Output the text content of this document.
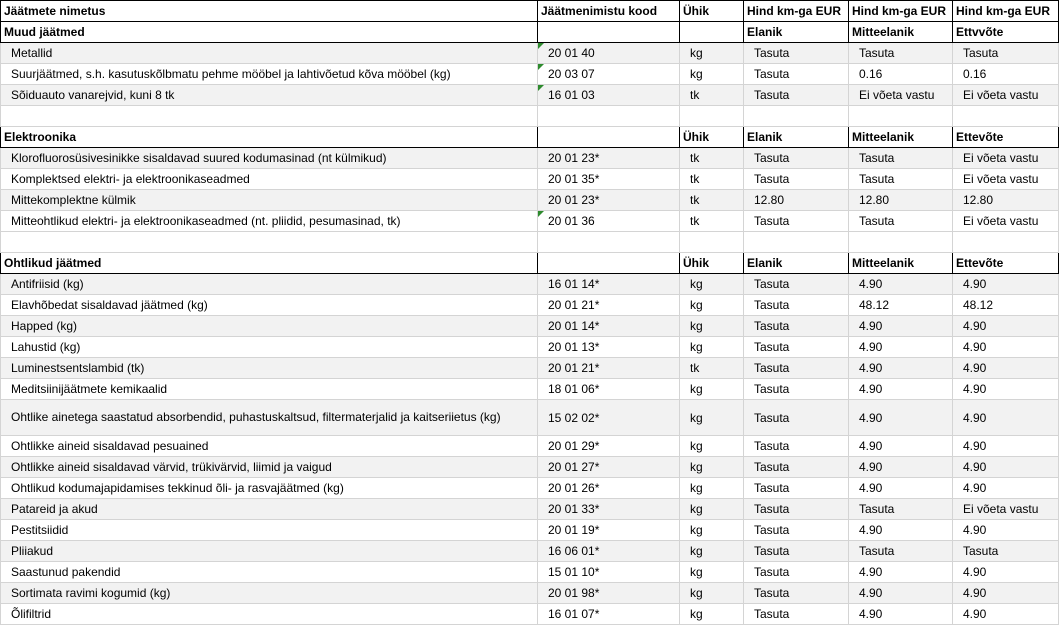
Jäätmete nimetus	Jäätmenimistu kood	Ühik	Hind km-ga EUR	Hind km-ga EUR	Hind km-ga EUR
Muud jäätmed			Elanik	Mitteelanik	Ettvvõte
Metallid	20 01 40	kg	Tasuta	Tasuta	Tasuta
Suurjäätmed, s.h. kasutuskõlbmatu pehme mööbel ja lahtivõetud kõva mööbel (kg)	20 03 07	kg	Tasuta	0.16	0.16
Sõiduauto vanarejvid, kuni 8 tk	16 01 03	tk	Tasuta	Ei võeta vastu	Ei võeta vastu

Elektroonika		Ühik	Elanik	Mitteelanik	Ettevõte
Klorofluorosüsivesinikke sisaldavad suured kodumasinad (nt külmikud)	20 01 23*	tk	Tasuta	Tasuta	Ei võeta vastu
Komplektsed elektri- ja elektroonikaseadmed	20 01 35*	tk	Tasuta	Tasuta	Ei võeta vastu
Mittekomplektne külmik	20 01 23*	tk	12.80	12.80	12.80
Mitteohtlikud elektri- ja elektroonikaseadmed (nt. pliidid, pesumasinad, tk)	20 01 36	tk	Tasuta	Tasuta	Ei võeta vastu

Ohtlikud jäätmed		Ühik	Elanik	Mitteelanik	Ettevõte
Antifriisid (kg)	16 01 14*	kg	Tasuta	4.90	4.90
Elavhõbedat sisaldavad jäätmed (kg)	20 01 21*	kg	Tasuta	48.12	48.12
Happed (kg)	20 01 14*	kg	Tasuta	4.90	4.90
Lahustid (kg)	20 01 13*	kg	Tasuta	4.90	4.90
Luminestsentslambid (tk)	20 01 21*	tk	Tasuta	4.90	4.90
Meditsiinijäätmete kemikaalid	18 01 06*	kg	Tasuta	4.90	4.90
Ohtlike ainetega saastatud absorbendid, puhastuskaltsud, filtermaterjalid ja kaitseriietus (kg)	15 02 02*	kg	Tasuta	4.90	4.90
Ohtlikke aineid sisaldavad pesuained	20 01 29*	kg	Tasuta	4.90	4.90
Ohtlikke aineid sisaldavad värvid, trükivärvid, liimid ja vaigud	20 01 27*	kg	Tasuta	4.90	4.90
Ohtlikud kodumajapidamises tekkinud õli- ja rasvajäätmed (kg)	20 01 26*	kg	Tasuta	4.90	4.90
Patareid ja akud	20 01 33*	kg	Tasuta	Tasuta	Ei võeta vastu
Pestitsiidid	20 01 19*	kg	Tasuta	4.90	4.90
Pliiakud	16 06 01*	kg	Tasuta	Tasuta	Tasuta
Saastunud pakendid	15 01 10*	kg	Tasuta	4.90	4.90
Sortimata ravimi kogumid (kg)	20 01 98*	kg	Tasuta	4.90	4.90
Õlifiltrid	16 01 07*	kg	Tasuta	4.90	4.90
